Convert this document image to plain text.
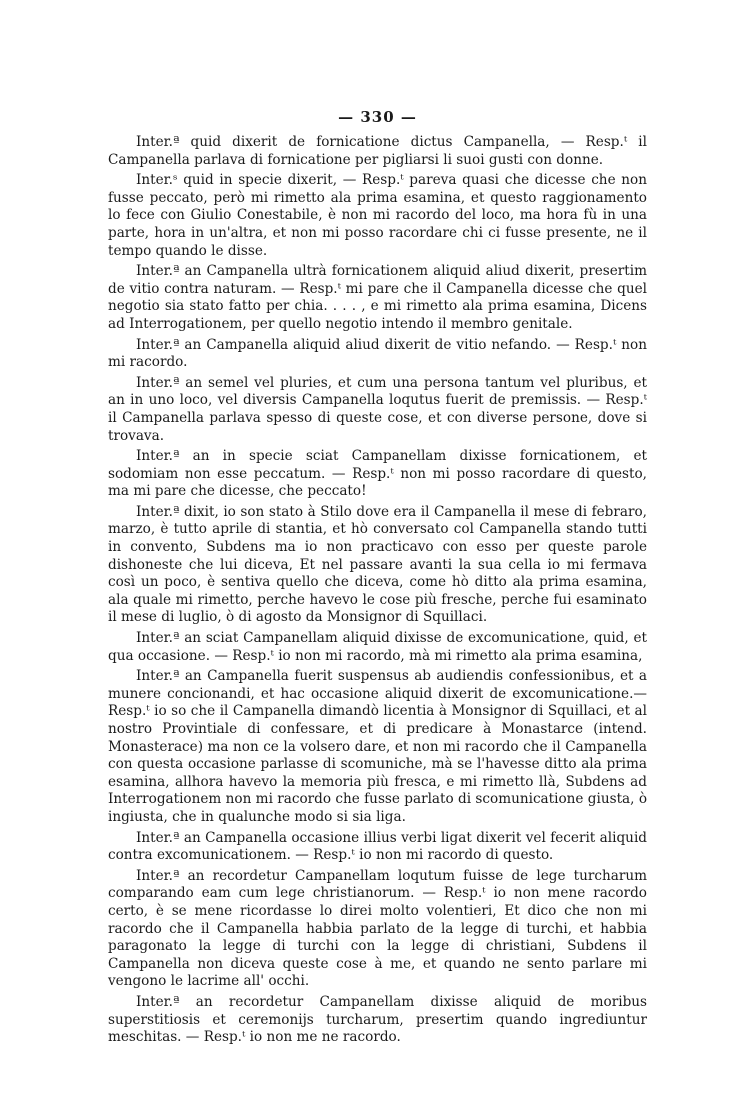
— 330 —

Inter.ª quid dixerit de fornicatione dictus Campanella, — Resp.ᵗ il Campanella parlava di fornicatione per pigliarsi li suoi gusti con donne.

Inter.ˢ quid in specie dixerit, — Resp.ᵗ pareva quasi che dicesse che non fusse peccato, però mi rimetto ala prima esamina, et questo raggionamento lo fece con Giulio Conestabile, è non mi racordo del loco, ma hora fù in una parte, hora in un'altra, et non mi posso racordare chi ci fusse presente, ne il tempo quando le disse.

Inter.ª an Campanella ultrà fornicationem aliquid aliud dixerit, presertim de vitio contra naturam. — Resp.ᵗ mi pare che il Campanella dicesse che quel negotio sia stato fatto per chia. . . . , e mi rimetto ala prima esamina, Dicens ad Interrogationem, per quello negotio intendo il membro genitale.

Inter.ª an Campanella aliquid aliud dixerit de vitio nefando. — Resp.ᵗ non mi racordo.

Inter.ª an semel vel pluries, et cum una persona tantum vel pluribus, et an in uno loco, vel diversis Campanella loqutus fuerit de premissis. — Resp.ᵗ il Campanella parlava spesso di queste cose, et con diverse persone, dove si trovava.

Inter.ª an in specie sciat Campanellam dixisse fornicationem, et sodomiam non esse peccatum. — Resp.ᵗ non mi posso racordare di questo, ma mi pare che dicesse, che peccato!

Inter.ª dixit, io son stato à Stilo dove era il Campanella il mese di febraro, marzo, è tutto aprile di stantia, et hò conversato col Campanella stando tutti in convento, Subdens ma io non practicavo con esso per queste parole dishoneste che lui diceva, Et nel passare avanti la sua cella io mi fermava così un poco, è sentiva quello che diceva, come hò ditto ala prima esamina, ala quale mi rimetto, perche havevo le cose più fresche, perche fui esaminato il mese di luglio, ò di agosto da Monsignor di Squillaci.

Inter.ª an sciat Campanellam aliquid dixisse de excomunicatione, quid, et qua occasione. — Resp.ᵗ io non mi racordo, mà mi rimetto ala prima esamina,

Inter.ª an Campanella fuerit suspensus ab audiendis confessionibus, et a munere concionandi, et hac occasione aliquid dixerit de excomunicatione.—Resp.ᵗ io so che il Campanella dimandò licentia à Monsignor di Squillaci, et al nostro Provintiale di confessare, et di predicare à Monastarce (intend. Monasterace) ma non ce la volsero dare, et non mi racordo che il Campanella con questa occasione parlasse di scomuniche, mà se l'havesse ditto ala prima esamina, allhora havevo la memoria più fresca, e mi rimetto llà, Subdens ad Interrogationem non mi racordo che fusse parlato di scomunicatione giusta, ò ingiusta, che in qualunche modo si sia liga.

Inter.ª an Campanella occasione illius verbi ligat dixerit vel fecerit aliquid contra excomunicationem. — Resp.ᵗ io non mi racordo di questo.

Inter.ª an recordetur Campanellam loqutum fuisse de lege turcharum comparando eam cum lege christianorum. — Resp.ᵗ io non mene racordo certo, è se mene ricordasse lo direi molto volentieri, Et dico che non mi racordo che il Campanella habbia parlato de la legge di turchi, et habbia paragonato la legge di turchi con la legge di christiani, Subdens il Campanella non diceva queste cose à me, et quando ne sento parlare mi vengono le lacrime all' occhi.

Inter.ª an recordetur Campanellam dixisse aliquid de moribus superstitiosis et ceremonijs turcharum, presertim quando ingrediuntur meschitas. — Resp.ᵗ io non me ne racordo.
